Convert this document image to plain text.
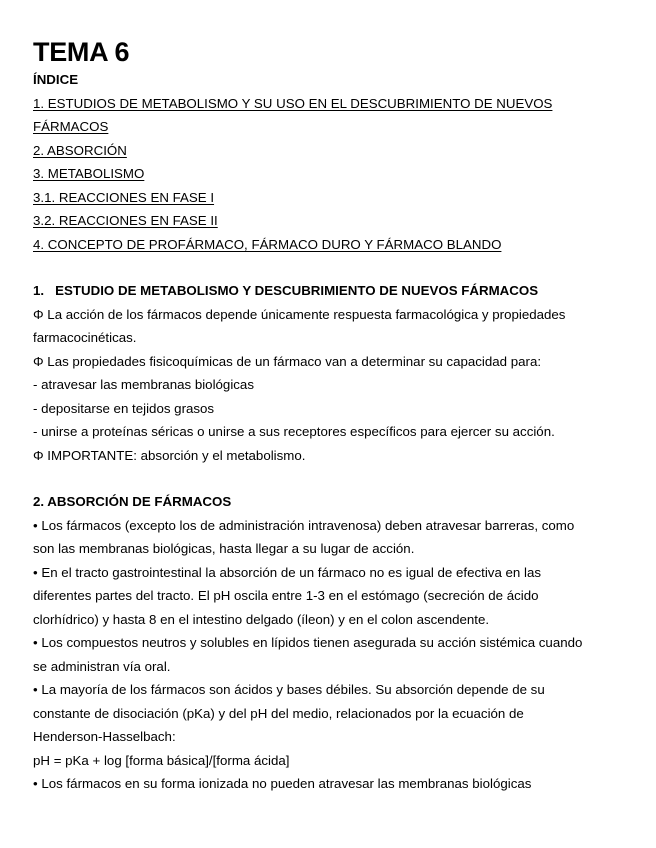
TEMA 6

ÍNDICE

1. ESTUDIOS DE METABOLISMO Y SU USO EN EL DESCUBRIMIENTO DE NUEVOS

FÁRMACOS

2. ABSORCIÓN

3. METABOLISMO

3.1. REACCIONES EN FASE I

3.2. REACCIONES EN FASE II

4. CONCEPTO DE PROFÁRMACO, FÁRMACO DURO Y FÁRMACO BLANDO

1.   ESTUDIO DE METABOLISMO Y DESCUBRIMIENTO DE NUEVOS FÁRMACOS

Φ La acción de los fármacos depende únicamente respuesta farmacológica y propiedades

farmacocinéticas.

Φ Las propiedades fisicoquímicas de un fármaco van a determinar su capacidad para:

- atravesar las membranas biológicas

- depositarse en tejidos grasos

- unirse a proteínas séricas o unirse a sus receptores específicos para ejercer su acción.

Φ IMPORTANTE: absorción y el metabolismo.

2. ABSORCIÓN DE FÁRMACOS

• Los fármacos (excepto los de administración intravenosa) deben atravesar barreras, como

son las membranas biológicas, hasta llegar a su lugar de acción.

• En el tracto gastrointestinal la absorción de un fármaco no es igual de efectiva en las

diferentes partes del tracto. El pH oscila entre 1-3 en el estómago (secreción de ácido

clorhídrico) y hasta 8 en el intestino delgado (íleon) y en el colon ascendente.

• Los compuestos neutros y solubles en lípidos tienen asegurada su acción sistémica cuando

se administran vía oral.

• La mayoría de los fármacos son ácidos y bases débiles. Su absorción depende de su

constante de disociación (pKa) y del pH del medio, relacionados por la ecuación de

Henderson-Hasselbach:

pH = pKa + log [forma básica]/[forma ácida]

• Los fármacos en su forma ionizada no pueden atravesar las membranas biológicas
